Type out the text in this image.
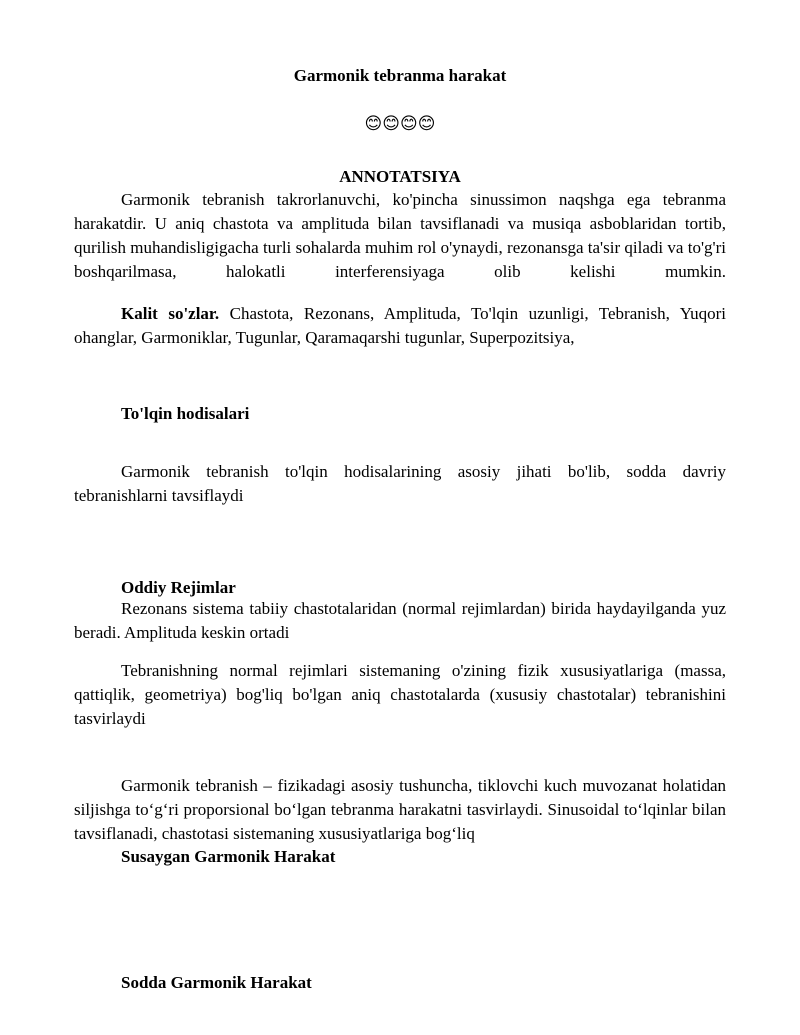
Garmonik tebranma harakat
😊😊😊😊
ANNOTATSIYA
Garmonik tebranish takrorlanuvchi, ko'pincha sinussimon naqshga ega tebranma harakatdir. U aniq chastota va amplituda bilan tavsiflanadi va musiqa asboblaridan tortib, qurilish muhandisligigacha turli sohalarda muhim rol o'ynaydi, rezonansga ta'sir qiladi va to'g'ri boshqarilmasa, halokatli interferensiyaga olib kelishi mumkin.
Kalit so'zlar. Chastota, Rezonans, Amplituda, To'lqin uzunligi, Tebranish, Yuqori ohanglar, Garmoniklar, Tugunlar, Qaramaqarshi tugunlar, Superpozitsiya,
To'lqin hodisalari
Garmonik tebranish to'lqin hodisalarining asosiy jihati bo'lib, sodda davriy tebranishlarni tavsiflaydi
Oddiy Rejimlar
Rezonans sistema tabiiy chastotalaridan (normal rejimlardan) birida haydayilganda yuz beradi. Amplituda keskin ortadi
Tebranishning normal rejimlari sistemaning o'zining fizik xususiyatlariga (massa, qattiqlik, geometriya) bog'liq bo'lgan aniq chastotalarda (xususiy chastotalar) tebranishini tasvirlaydi
Garmonik tebranish – fizikadagi asosiy tushuncha, tiklovchi kuch muvozanat holatidan siljishga to‘g‘ri proporsional bo‘lgan tebranma harakatni tasvirlaydi. Sinusoidal to‘lqinlar bilan tavsiflanadi, chastotasi sistemaning xususiyatlariga bog‘liq
Susaygan Garmonik Harakat
Sodda Garmonik Harakat
